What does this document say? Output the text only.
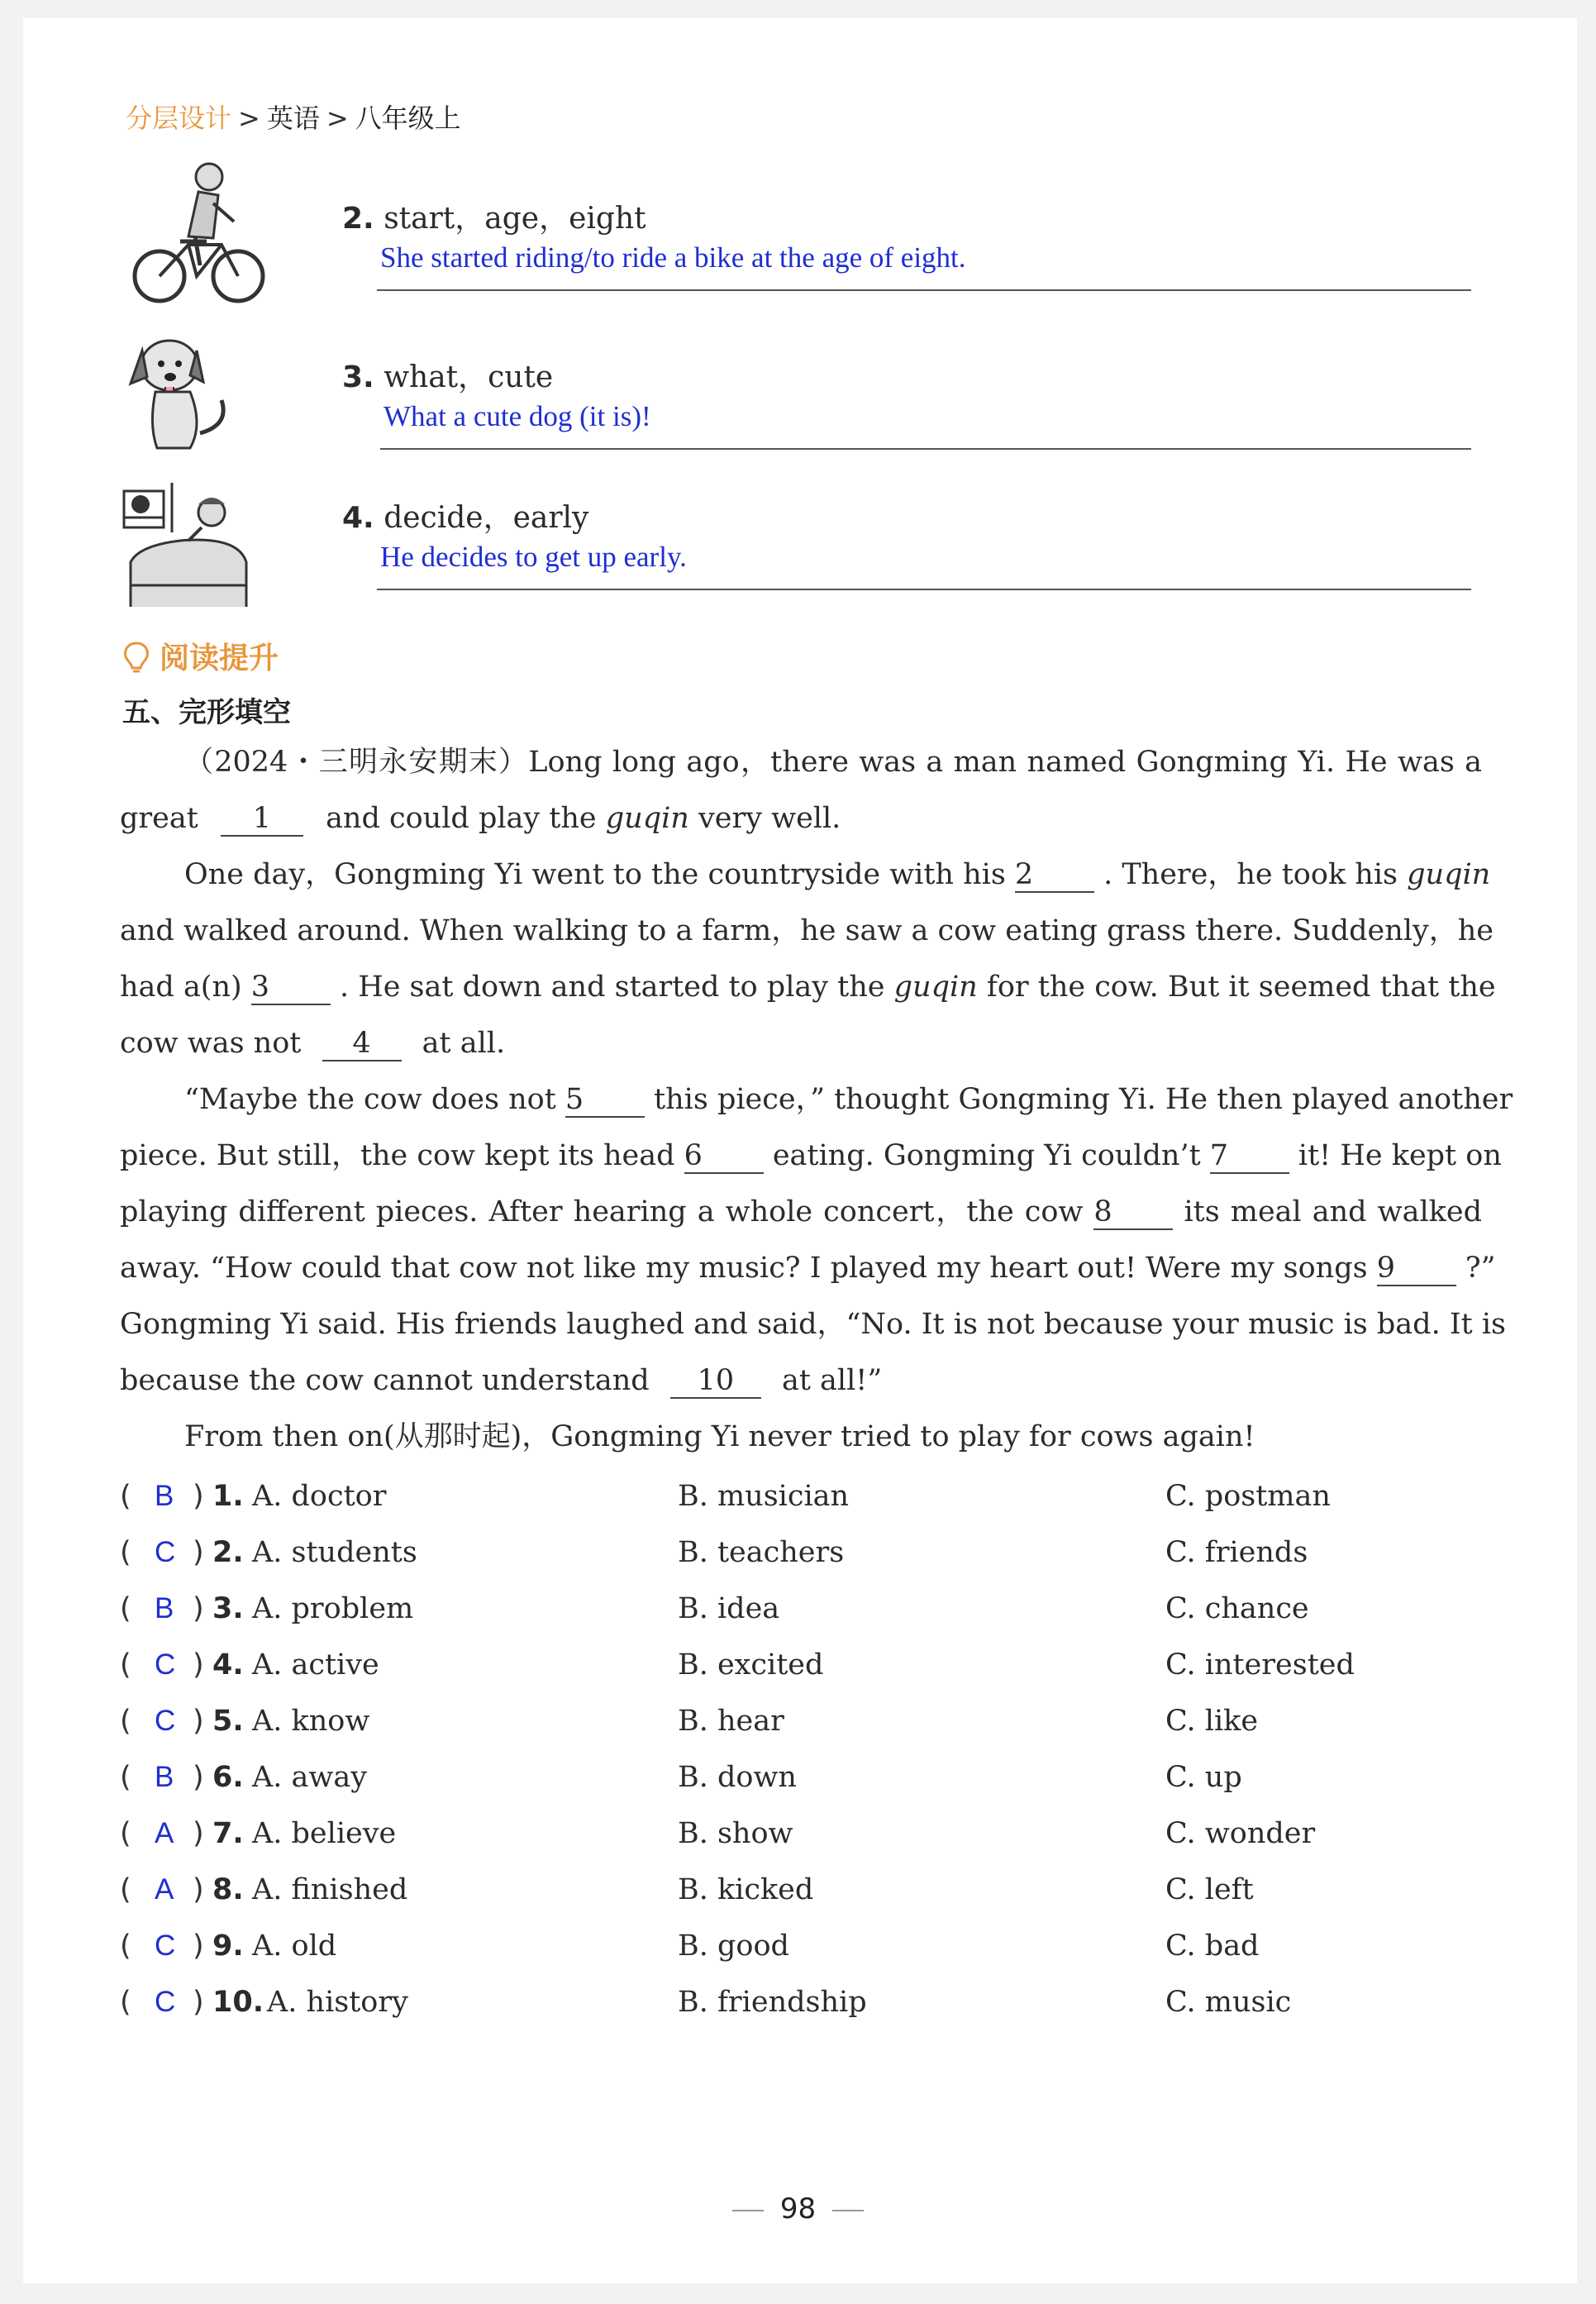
分层设计 > 英语 > 八年级上
2. start，age，eight
She started riding/to ride a bike at the age of eight.
3. what，cute
What a cute dog (it is)!
4. decide，early
He decides to get up early.
阅读提升
五、完形填空
（2024・三明永安期末）Long long ago，there was a man named Gongming Yi. He was a
great 1 and could play the guqin very well.
One day，Gongming Yi went to the countryside with his 2 . There，he took his guqin
and walked around. When walking to a farm，he saw a cow eating grass there. Suddenly，he
had a(n) 3 . He sat down and started to play the guqin for the cow. But it seemed that the
cow was not 4 at all.
“Maybe the cow does not 5 this piece，” thought Gongming Yi. He then played another
piece. But still，the cow kept its head 6 eating. Gongming Yi couldn’t 7 it! He kept on
playing different pieces. After hearing a whole concert，the cow 8 its meal and walked
away. “How could that cow not like my music? I played my heart out! Were my songs 9 ?”
Gongming Yi said. His friends laughed and said，“No. It is not because your music is bad. It is
because the cow cannot understand 10 at all!”
From then on(从那时起)，Gongming Yi never tried to play for cows again!
( B ) 1. A. doctor	B. musician	C. postman
( C ) 2. A. students	B. teachers	C. friends
( B ) 3. A. problem	B. idea	C. chance
( C ) 4. A. active	B. excited	C. interested
( C ) 5. A. know	B. hear	C. like
( B ) 6. A. away	B. down	C. up
( A ) 7. A. believe	B. show	C. wonder
( A ) 8. A. finished	B. kicked	C. left
( C ) 9. A. old	B. good	C. bad
( C ) 10. A. history	B. friendship	C. music
98
